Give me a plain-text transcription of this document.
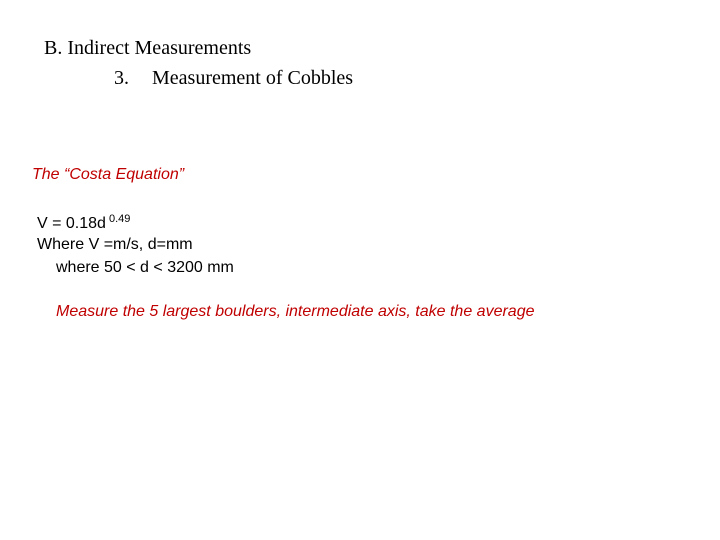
B. Indirect Measurements
3. Measurement of Cobbles
The “Costa Equation”
V = 0.18d $^{0.49}$
Where V =m/s, d=mm
where 50 < d < 3200 mm
Measure the 5 largest boulders, intermediate axis, take the average
